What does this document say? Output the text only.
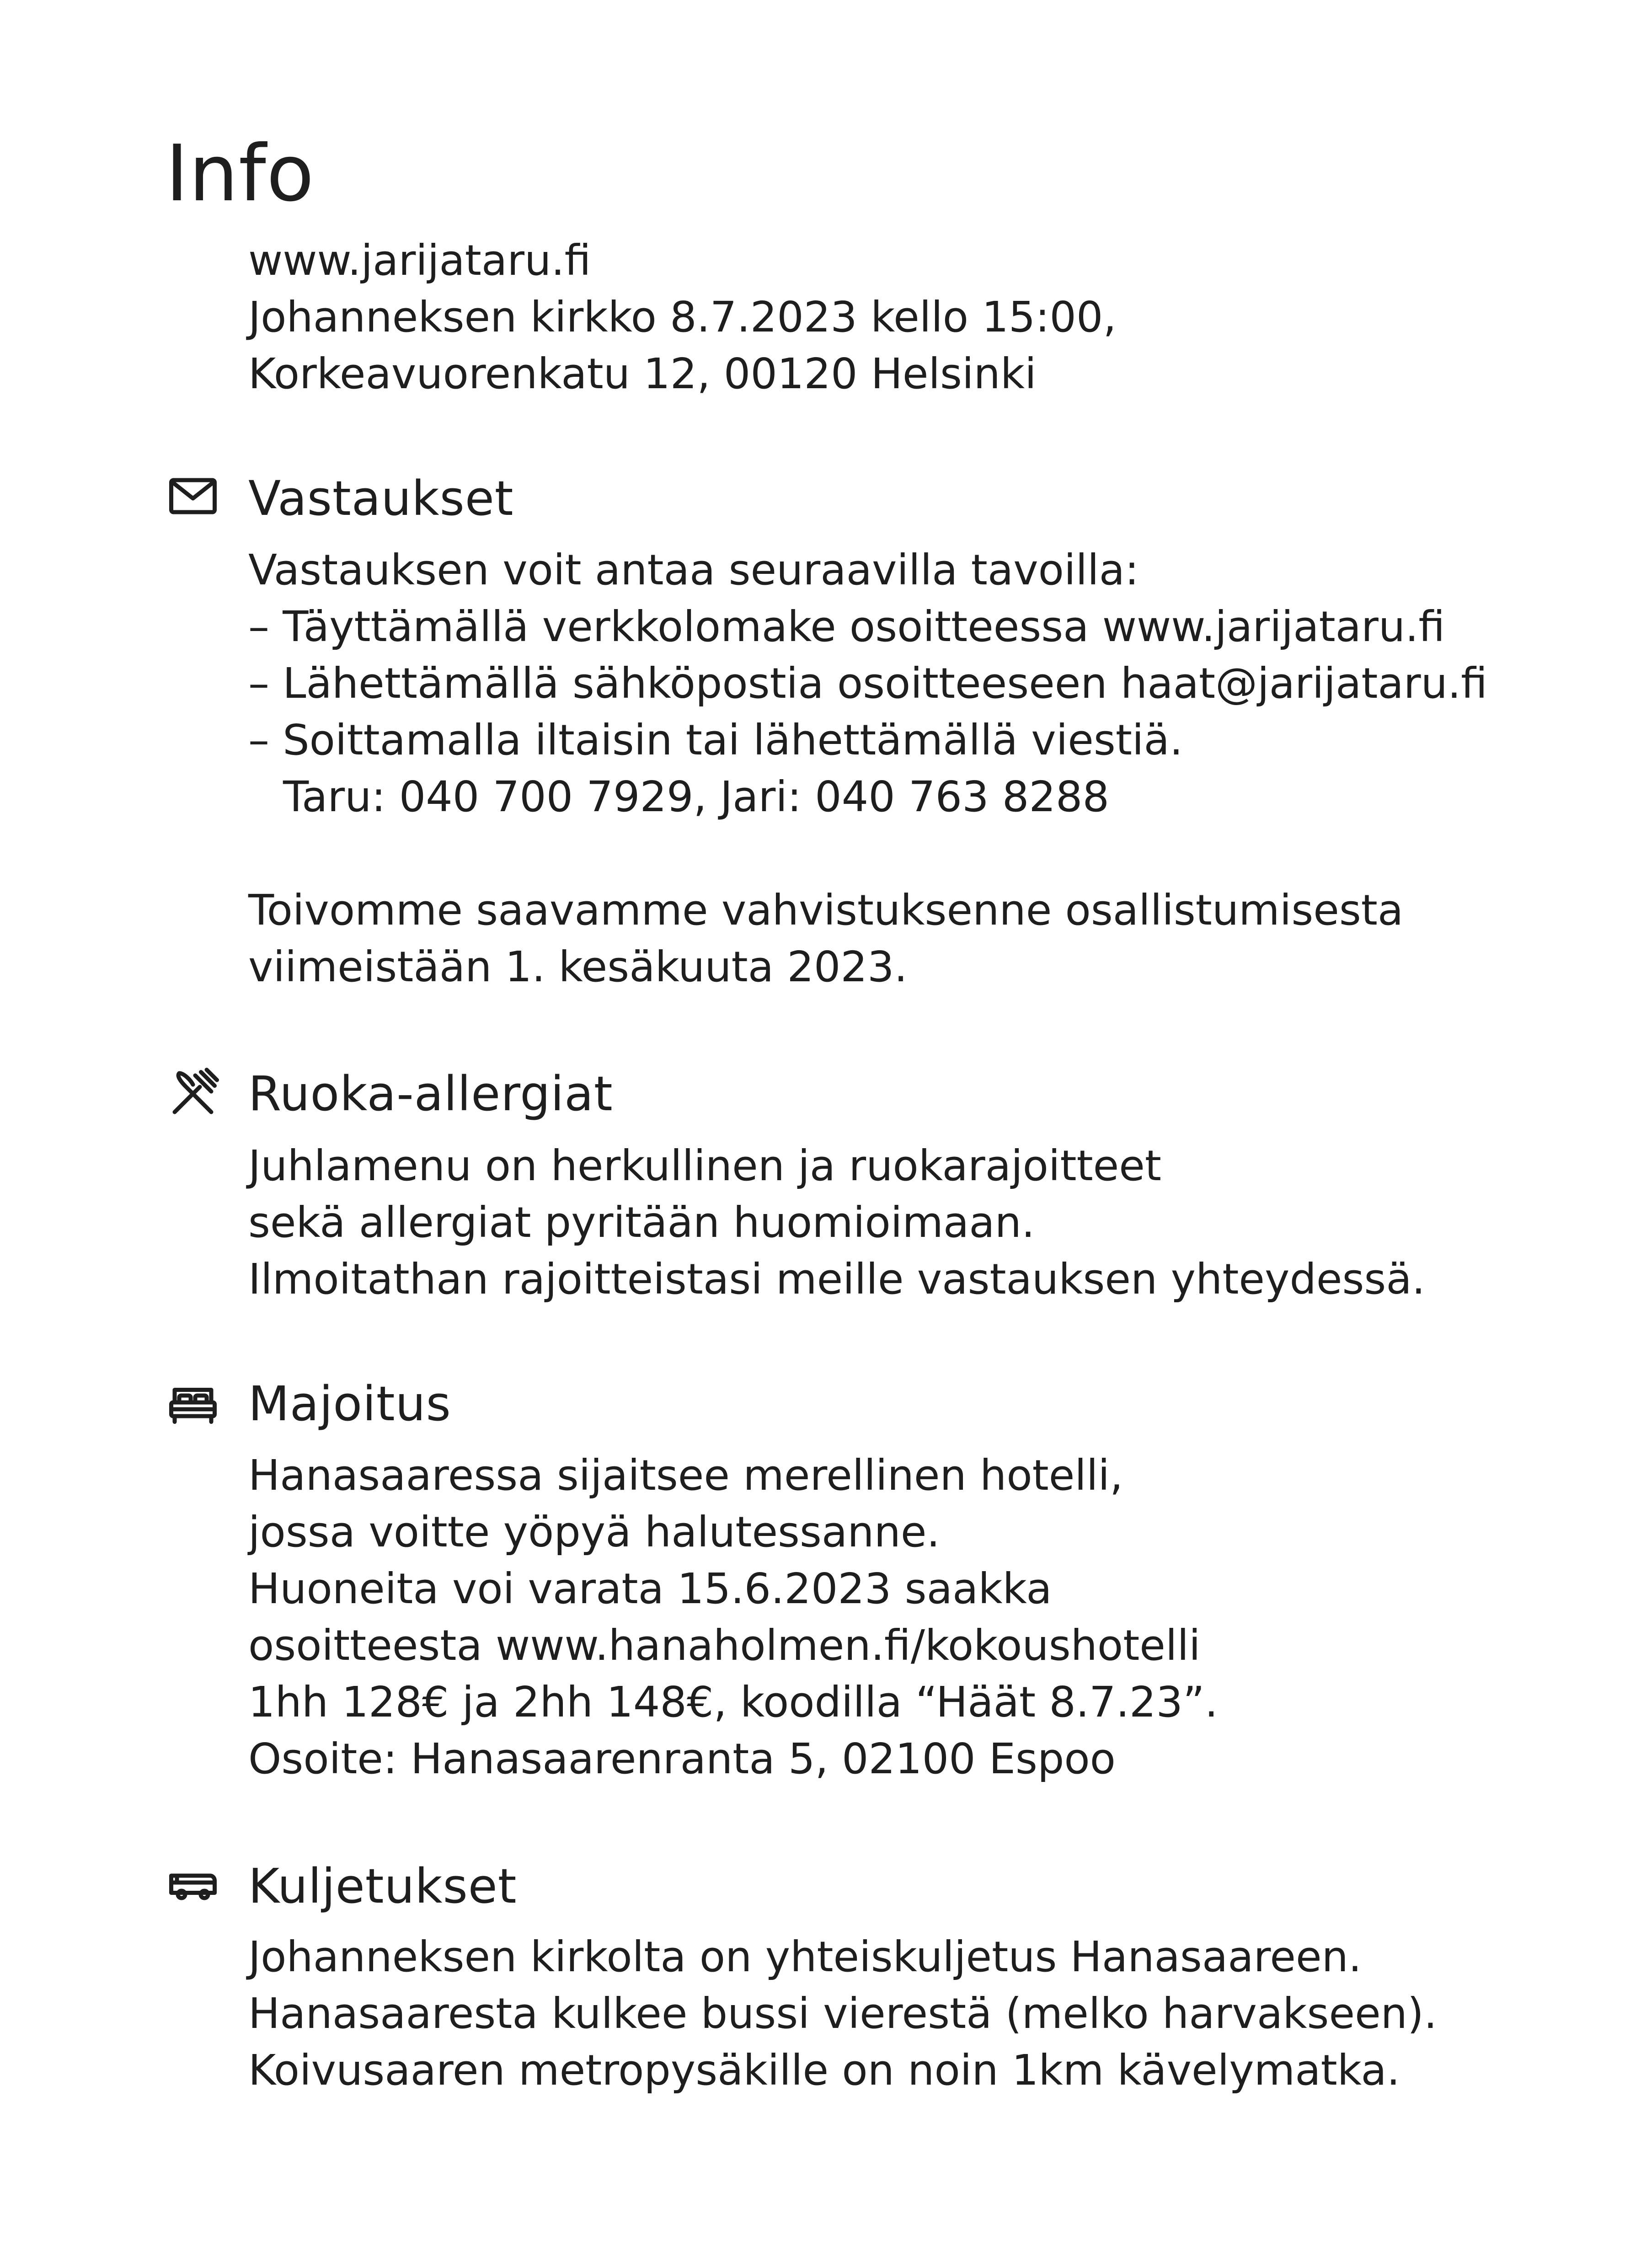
Info
www.jarijataru.fi
Johanneksen kirkko 8.7.2023 kello 15:00,
Korkeavuorenkatu 12, 00120 Helsinki
Vastaukset
Vastauksen voit antaa seuraavilla tavoilla:
– Täyttämällä verkkolomake osoitteessa www.jarijataru.fi
– Lähettämällä sähköpostia osoitteeseen haat@jarijataru.fi
– Soittamalla iltaisin tai lähettämällä viestiä.
Taru: 040 700 7929, Jari: 040 763 8288
Toivomme saavamme vahvistuksenne osallistumisesta
viimeistään 1. kesäkuuta 2023.
Ruoka-allergiat
Juhlamenu on herkullinen ja ruokarajoitteet
sekä allergiat pyritään huomioimaan.
Ilmoitathan rajoitteistasi meille vastauksen yhteydessä.
Majoitus
Hanasaaressa sijaitsee merellinen hotelli,
jossa voitte yöpyä halutessanne.
Huoneita voi varata 15.6.2023 saakka
osoitteesta www.hanaholmen.fi/kokoushotelli
1hh 128€ ja 2hh 148€, koodilla “Häät 8.7.23”.
Osoite: Hanasaarenranta 5, 02100 Espoo
Kuljetukset
Johanneksen kirkolta on yhteiskuljetus Hanasaareen.
Hanasaaresta kulkee bussi vierestä (melko harvakseen).
Koivusaaren metropysäkille on noin 1km kävelymatka.
